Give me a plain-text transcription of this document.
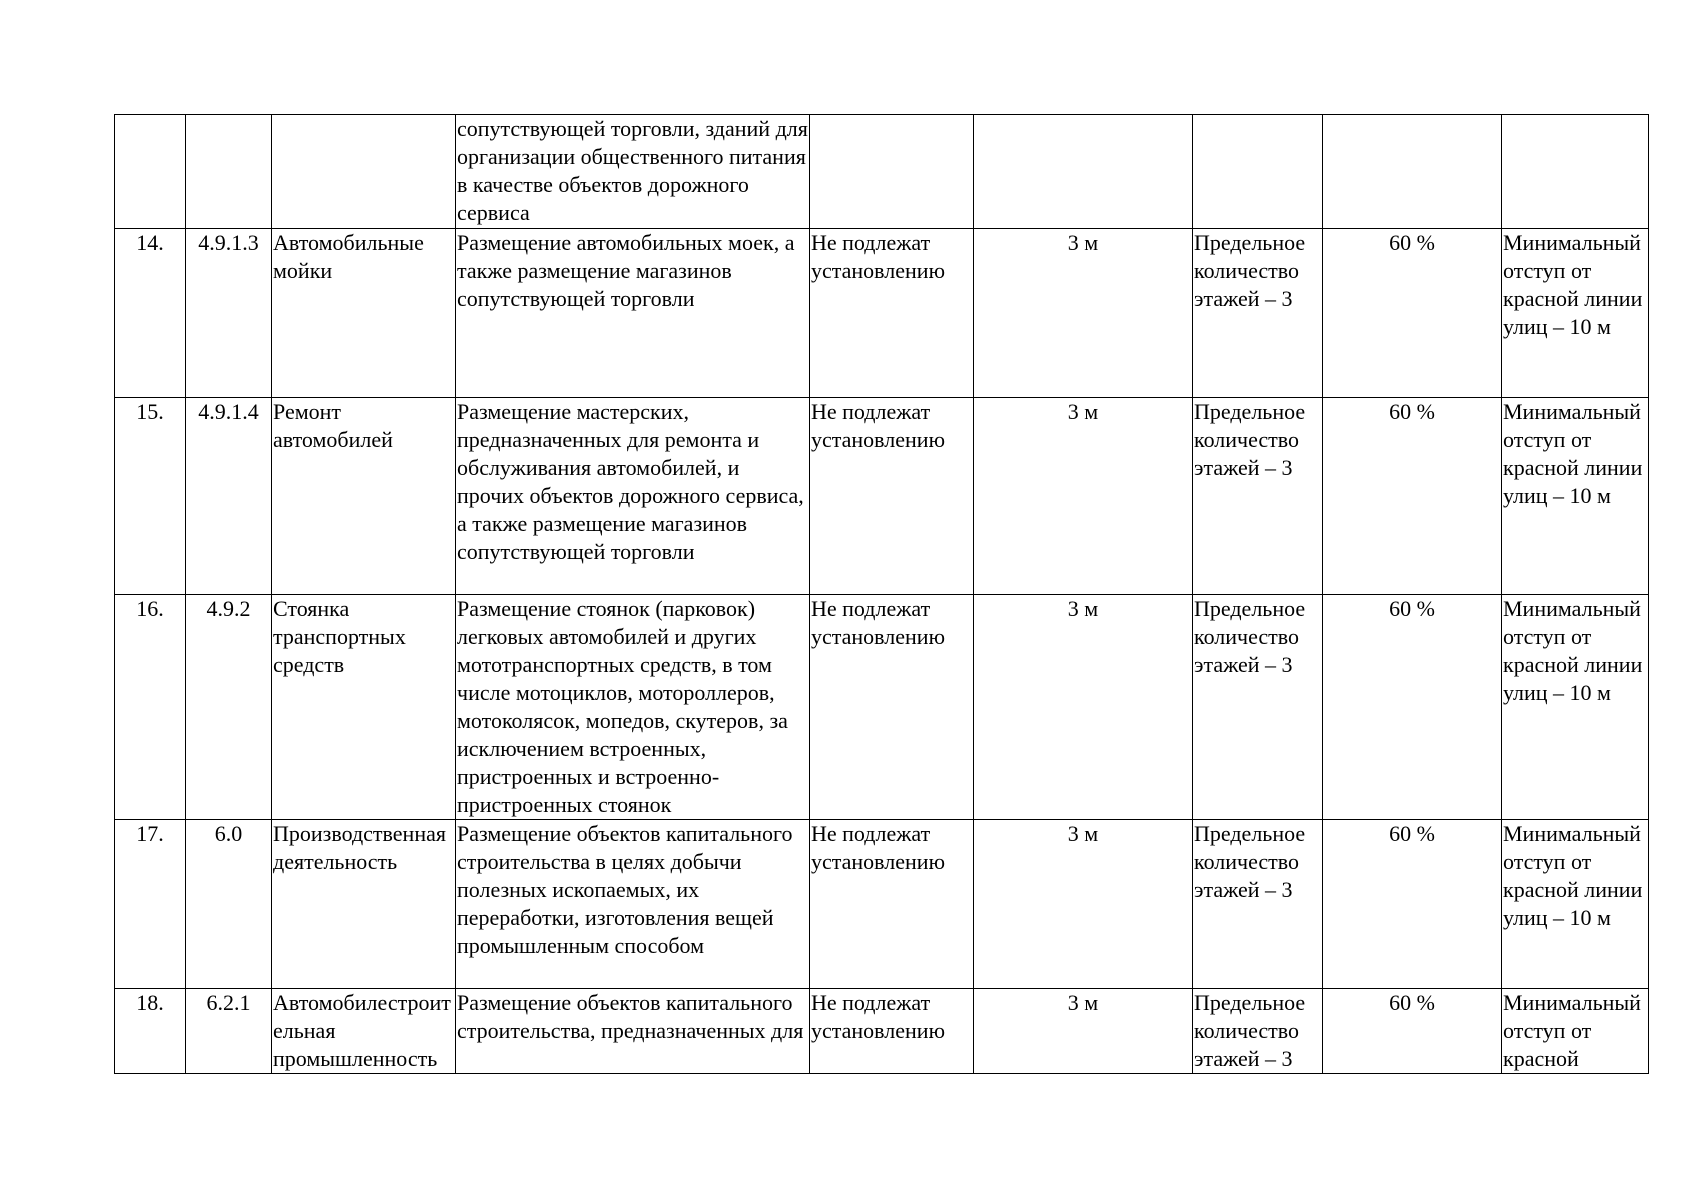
			сопутствующей торговли, зданий для организации общественного питания в качестве объектов дорожного сервиса					

14.	4.9.1.3	Автомобильные мойки	Размещение автомобильных моек, а также размещение магазинов сопутствующей торговли	Не подлежат установлению	3 м	Предельное количество этажей – 3	60 %	Минимальный отступ от красной линии улиц – 10 м

15.	4.9.1.4	Ремонт автомобилей	Размещение мастерских, предназначенных для ремонта и обслуживания автомобилей, и прочих объектов дорожного сервиса, а также размещение магазинов сопутствующей торговли	Не подлежат установлению	3 м	Предельное количество этажей – 3	60 %	Минимальный отступ от красной линии улиц – 10 м

16.	4.9.2	Стоянка транспортных средств	Размещение стоянок (парковок) легковых автомобилей и других мототранспортных средств, в том числе мотоциклов, мотороллеров, мотоколясок, мопедов, скутеров, за исключением встроенных, пристроенных и встроенно-пристроенных стоянок	Не подлежат установлению	3 м	Предельное количество этажей – 3	60 %	Минимальный отступ от красной линии улиц – 10 м

17.	6.0	Производственная деятельность	Размещение объектов капитального строительства в целях добычи полезных ископаемых, их переработки, изготовления вещей промышленным способом	Не подлежат установлению	3 м	Предельное количество этажей – 3	60 %	Минимальный отступ от красной линии улиц – 10 м

18.	6.2.1	Автомобилестроительная промышленность	Размещение объектов капитального строительства, предназначенных для	Не подлежат установлению	3 м	Предельное количество этажей – 3	60 %	Минимальный отступ от красной
